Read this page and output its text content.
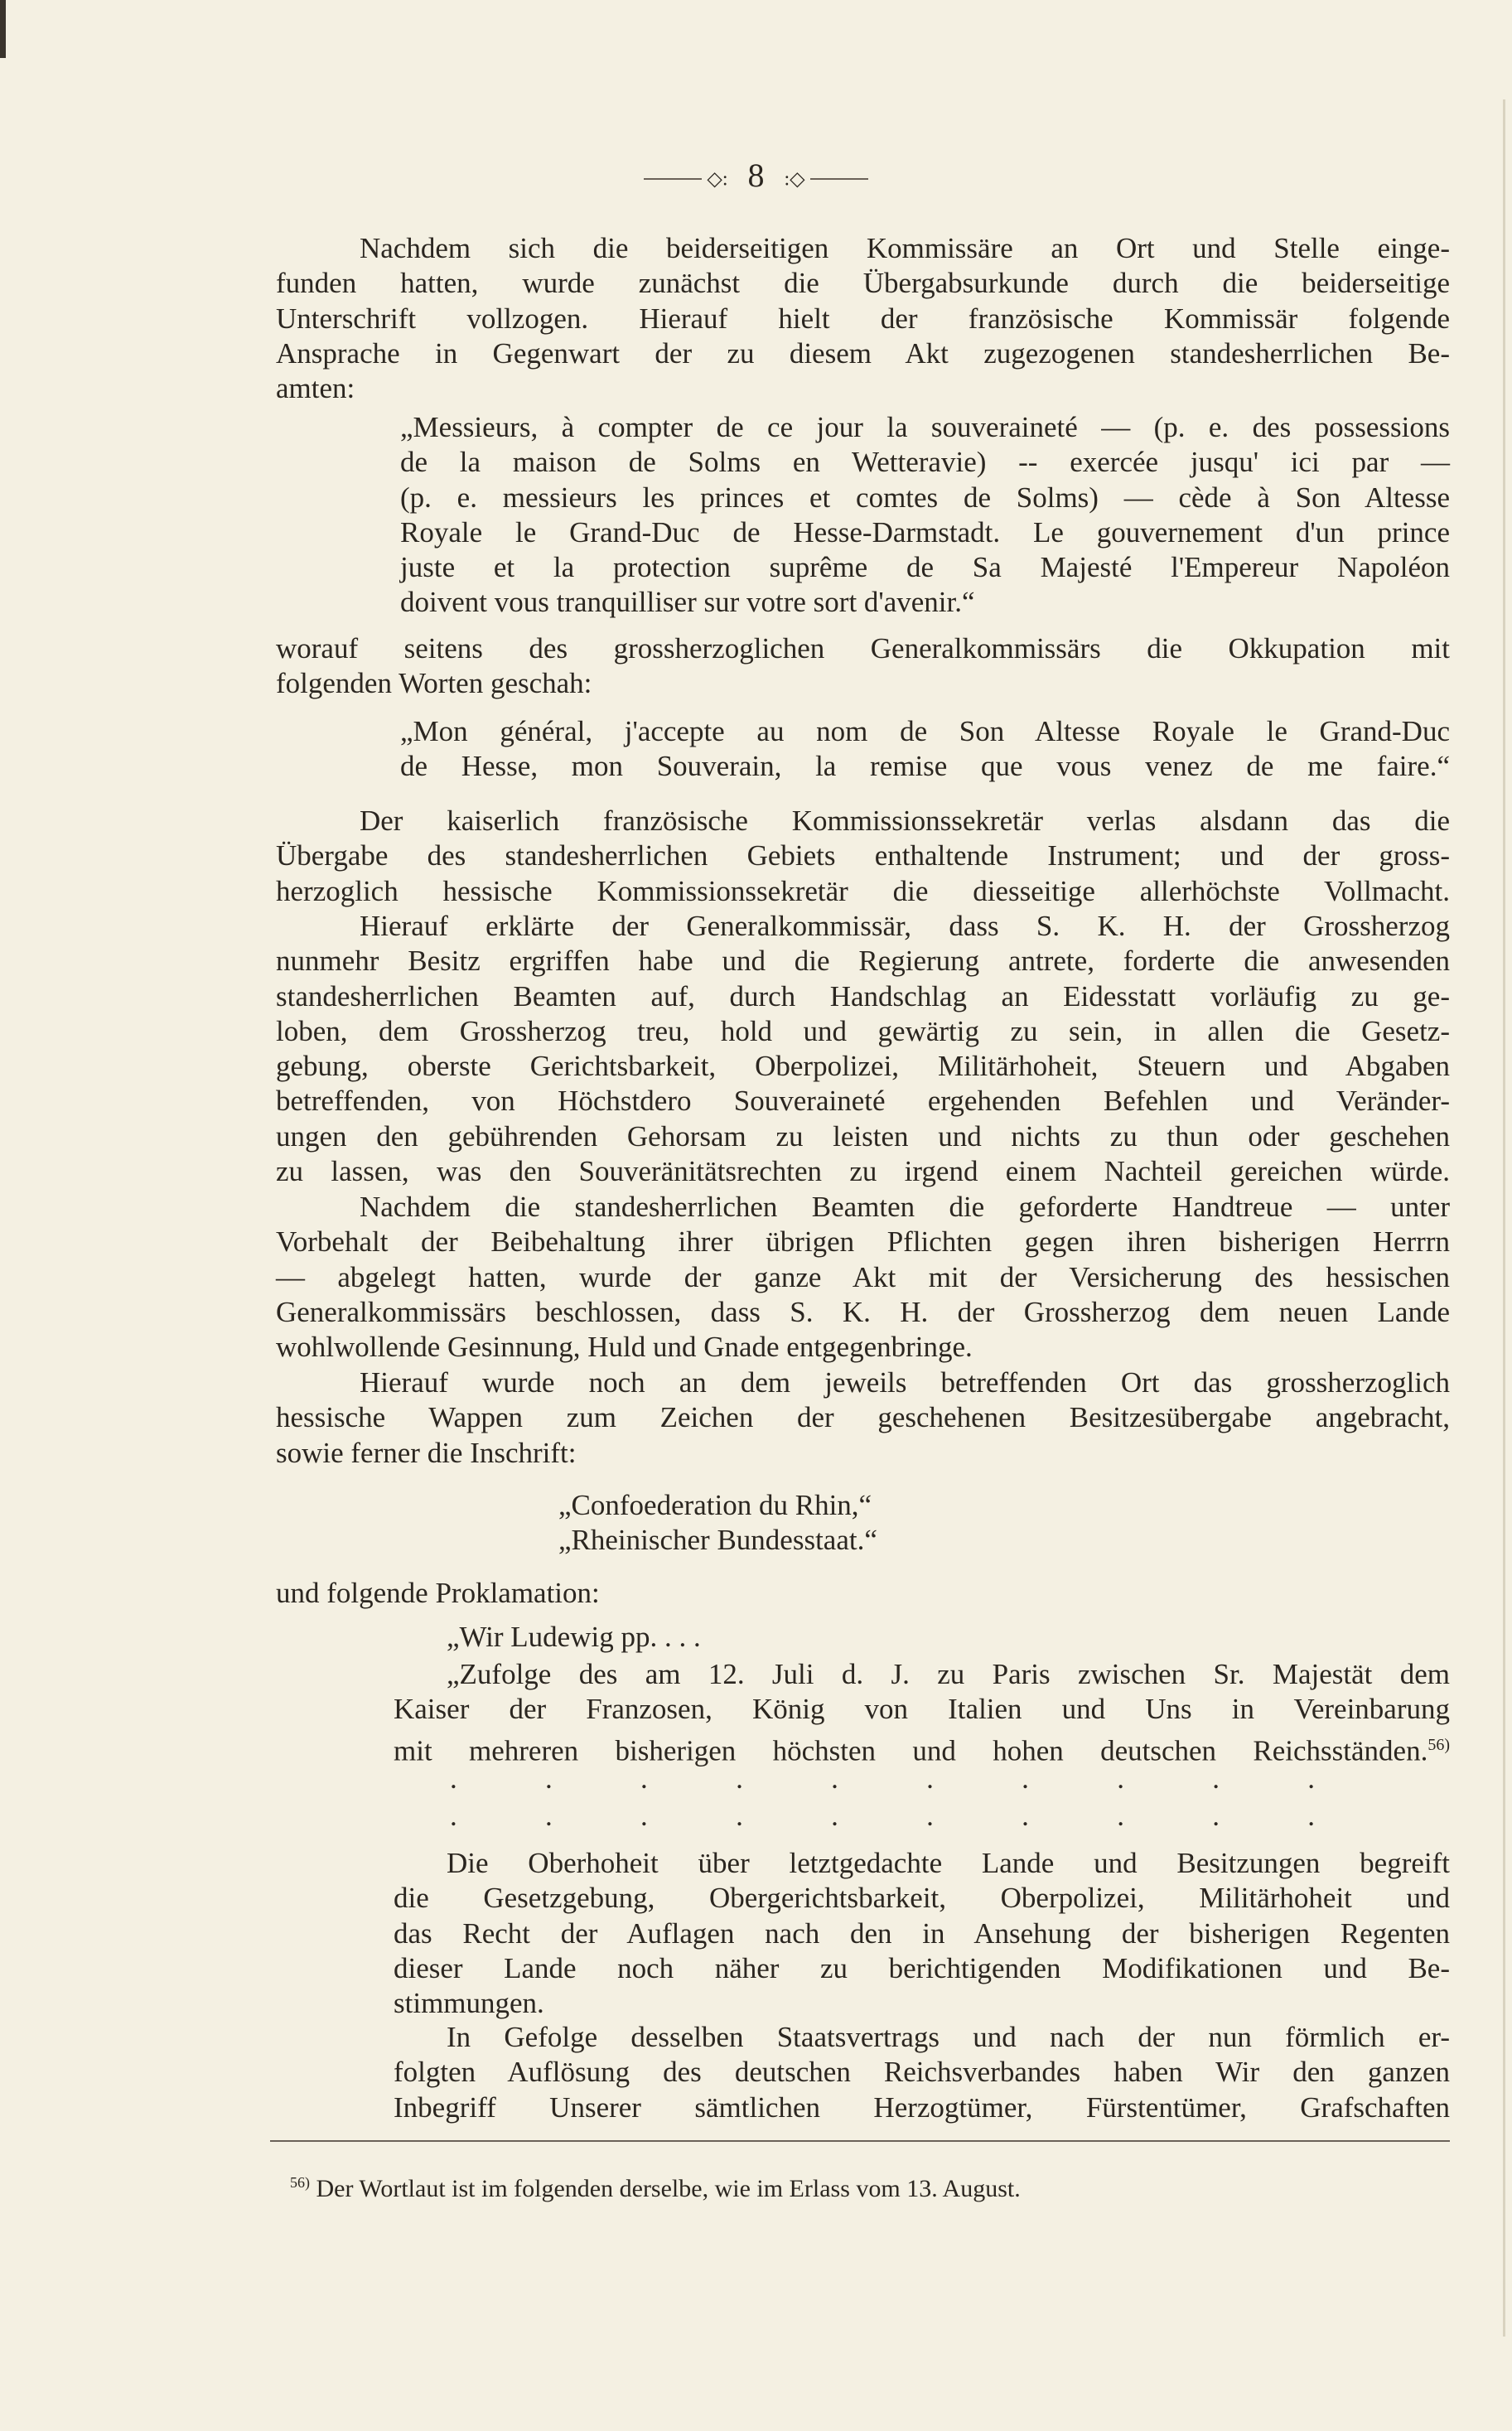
◇: 8 :◇
Nachdem sich die beiderseitigen Kommissäre an Ort und Stelle einge-
funden hatten, wurde zunächst die Übergabsurkunde durch die beiderseitige
Unterschrift vollzogen. Hierauf hielt der französische Kommissär folgende
Ansprache in Gegenwart der zu diesem Akt zugezogenen standesherrlichen Be-
amten:
„Messieurs, à compter de ce jour la souveraineté — (p. e. des possessions
de la maison de Solms en Wetteravie) -- exercée jusqu' ici par —
(p. e. messieurs les princes et comtes de Solms) — cède à Son Altesse
Royale le Grand-Duc de Hesse-Darmstadt. Le gouvernement d'un prince
juste et la protection suprême de Sa Majesté l'Empereur Napoléon
doivent vous tranquilliser sur votre sort d'avenir.“
worauf seitens des grossherzoglichen Generalkommissärs die Okkupation mit
folgenden Worten geschah:
„Mon général, j'accepte au nom de Son Altesse Royale le Grand-Duc
de Hesse, mon Souverain, la remise que vous venez de me faire.“
Der kaiserlich französische Kommissionssekretär verlas alsdann das die
Übergabe des standesherrlichen Gebiets enthaltende Instrument; und der gross-
herzoglich hessische Kommissionssekretär die diesseitige allerhöchste Vollmacht.
Hierauf erklärte der Generalkommissär, dass S. K. H. der Grossherzog
nunmehr Besitz ergriffen habe und die Regierung antrete, forderte die anwesenden
standesherrlichen Beamten auf, durch Handschlag an Eidesstatt vorläufig zu ge-
loben, dem Grossherzog treu, hold und gewärtig zu sein, in allen die Gesetz-
gebung, oberste Gerichtsbarkeit, Oberpolizei, Militärhoheit, Steuern und Abgaben
betreffenden, von Höchstdero Souveraineté ergehenden Befehlen und Veränder-
ungen den gebührenden Gehorsam zu leisten und nichts zu thun oder geschehen
zu lassen, was den Souveränitätsrechten zu irgend einem Nachteil gereichen würde.
Nachdem die standesherrlichen Beamten die geforderte Handtreue — unter
Vorbehalt der Beibehaltung ihrer übrigen Pflichten gegen ihren bisherigen Herrrn
— abgelegt hatten, wurde der ganze Akt mit der Versicherung des hessischen
Generalkommissärs beschlossen, dass S. K. H. der Grossherzog dem neuen Lande
wohlwollende Gesinnung, Huld und Gnade entgegenbringe.
Hierauf wurde noch an dem jeweils betreffenden Ort das grossherzoglich
hessische Wappen zum Zeichen der geschehenen Besitzesübergabe angebracht,
sowie ferner die Inschrift:
„Confoederation du Rhin,“
„Rheinischer Bundesstaat.“
und folgende Proklamation:
„Wir Ludewig pp. . . .
„Zufolge des am 12. Juli d. J. zu Paris zwischen Sr. Majestät dem
Kaiser der Franzosen, König von Italien und Uns in Vereinbarung
mit mehreren bisherigen höchsten und hohen deutschen Reichsständen.$^{56)}$
. . . . . . . . . .
. . . . . . . . . .
Die Oberhoheit über letztgedachte Lande und Besitzungen begreift
die Gesetzgebung, Obergerichtsbarkeit, Oberpolizei, Militärhoheit und
das Recht der Auflagen nach den in Ansehung der bisherigen Regenten
dieser Lande noch näher zu berichtigenden Modifikationen und Be-
stimmungen.
In Gefolge desselben Staatsvertrags und nach der nun förmlich er-
folgten Auflösung des deutschen Reichsverbandes haben Wir den ganzen
Inbegriff Unserer sämtlichen Herzogtümer, Fürstentümer, Grafschaften
$^{56)}$ Der Wortlaut ist im folgenden derselbe, wie im Erlass vom 13. August.
